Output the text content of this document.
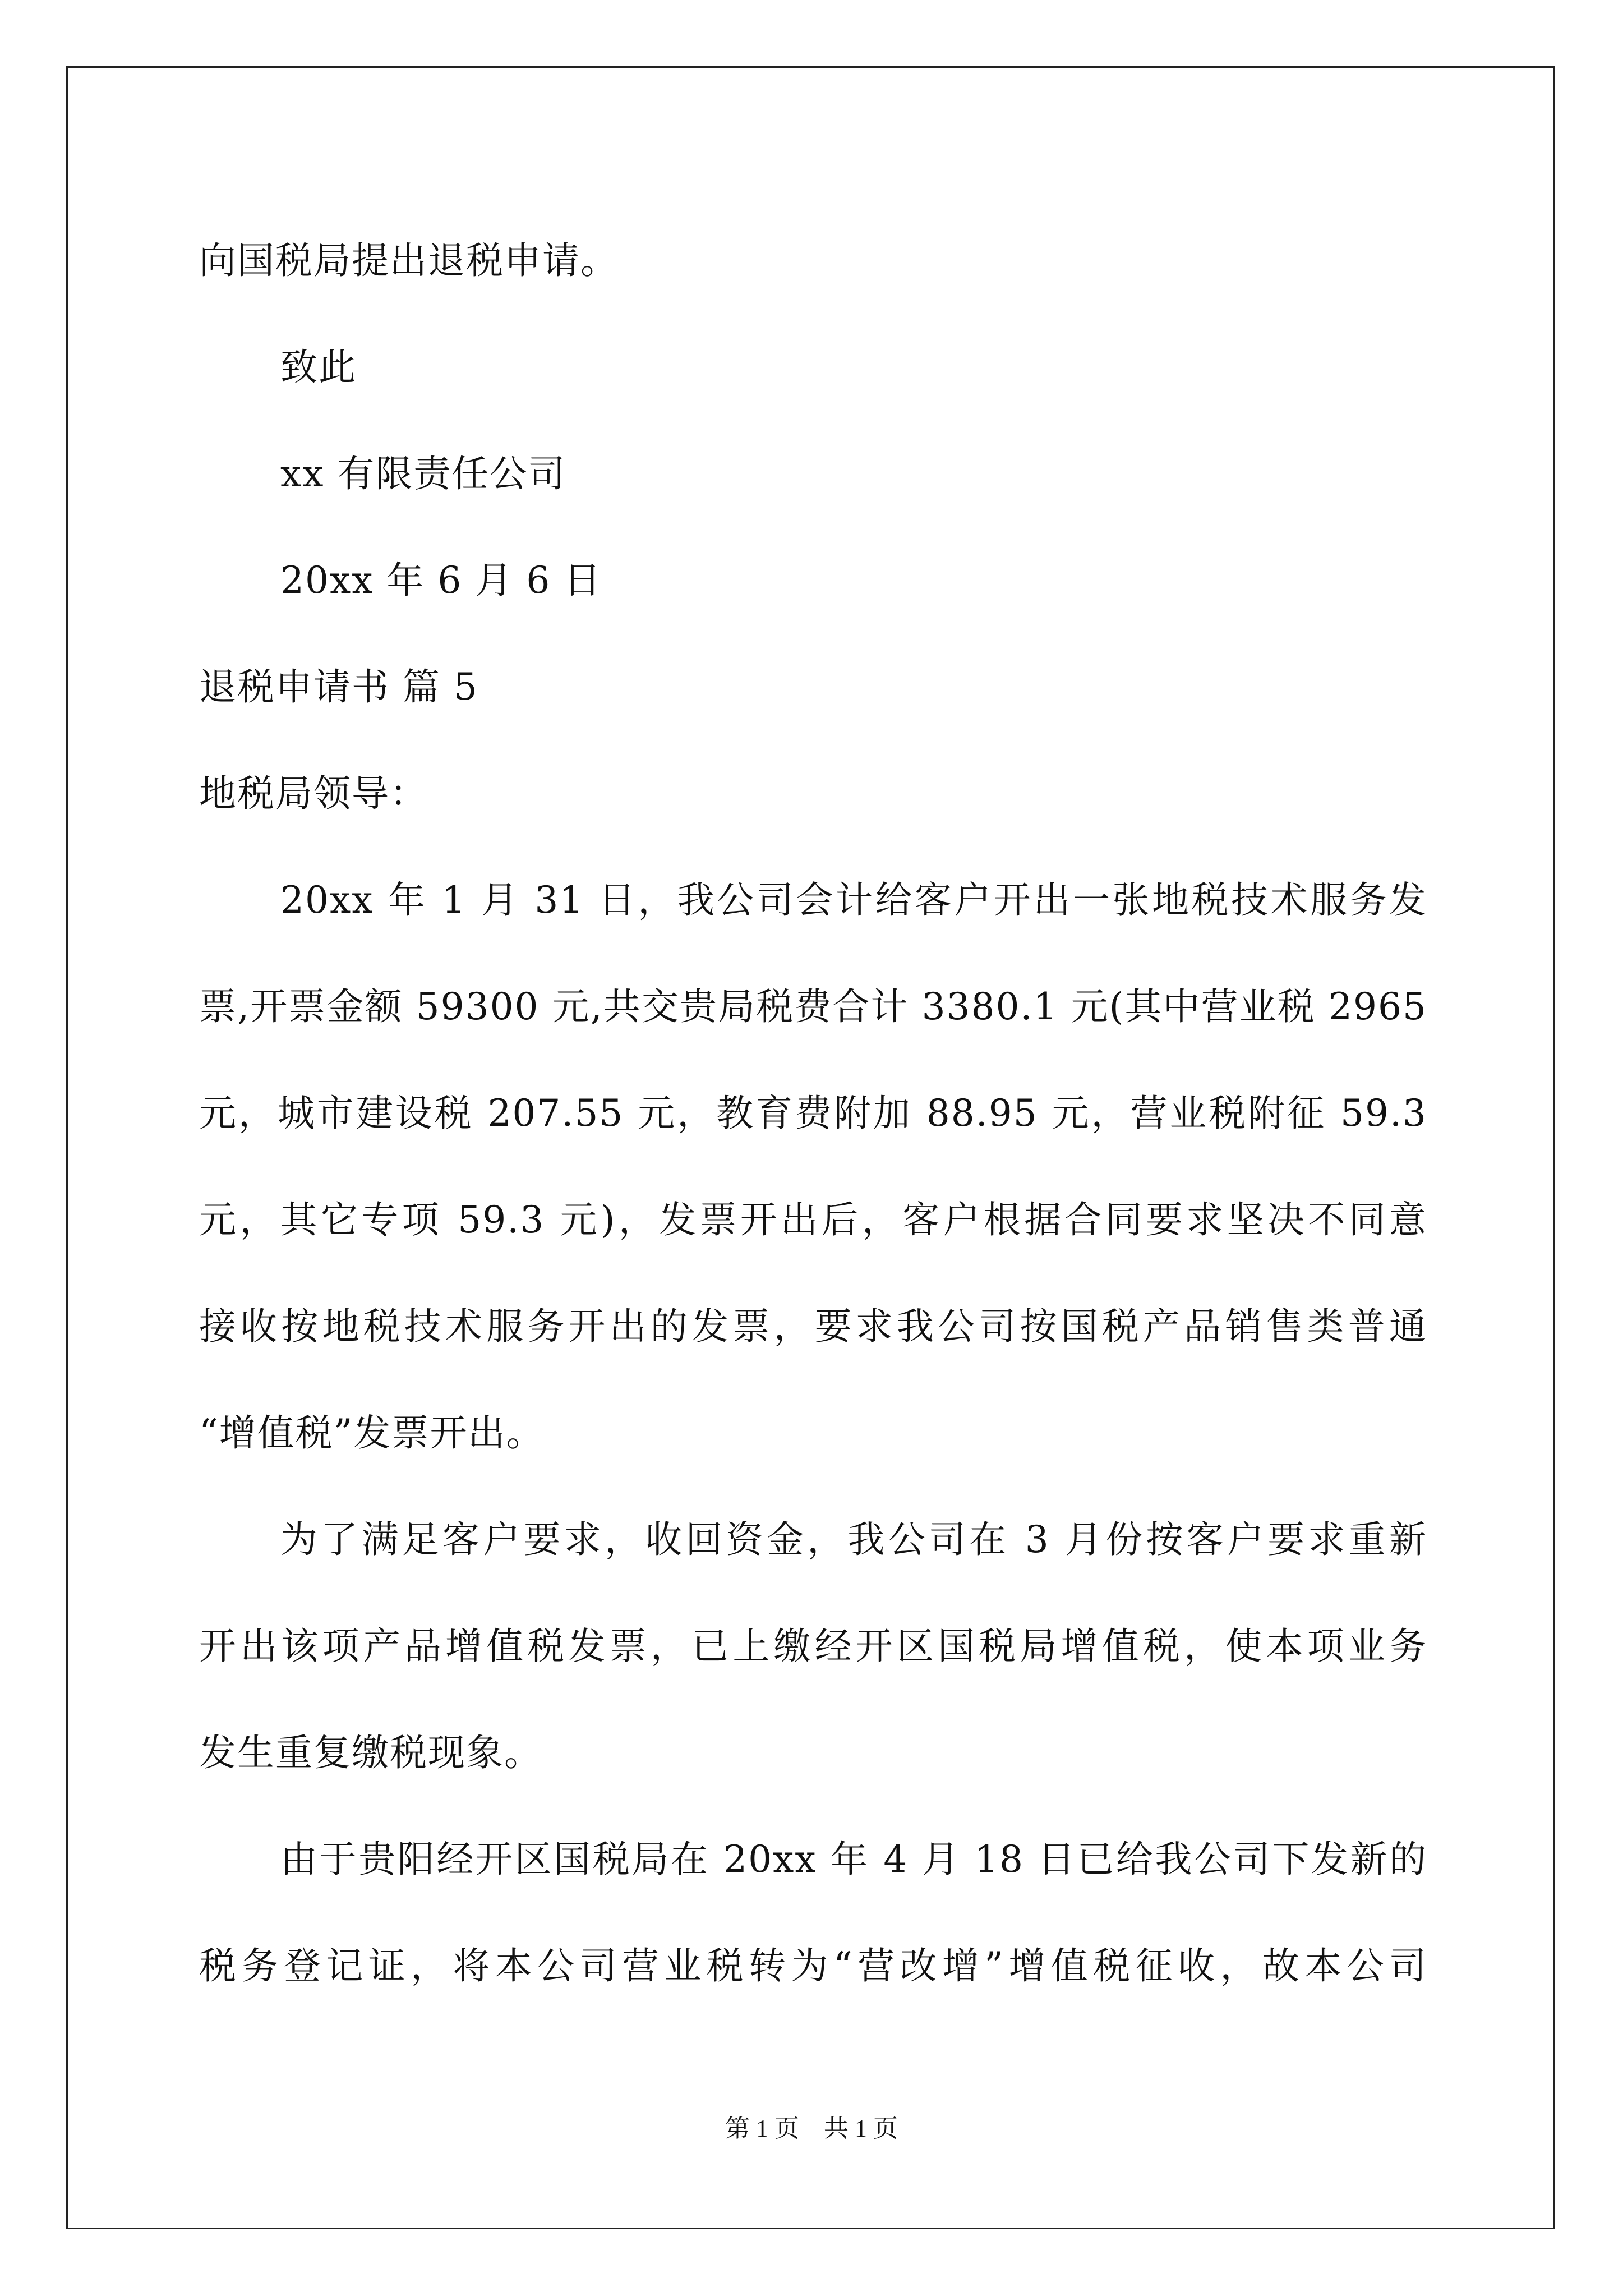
向国税局提出退税申请。
致此
xx 有限责任公司
20xx 年 6 月 6 日
退税申请书 篇 5
地税局领导：
20xx 年 1 月 31 日，我公司会计给客户开出一张地税技术服务发
票,开票金额 59300 元,共交贵局税费合计 3380.1 元(其中营业税 2965
元，城市建设税 207.55 元，教育费附加 88.95 元，营业税附征 59.3
元，其它专项 59.3 元)，发票开出后，客户根据合同要求坚决不同意
接收按地税技术服务开出的发票，要求我公司按国税产品销售类普通
“增值税”发票开出。
为了满足客户要求，收回资金，我公司在 3 月份按客户要求重新
开出该项产品增值税发票，已上缴经开区国税局增值税，使本项业务
发生重复缴税现象。
由于贵阳经开区国税局在 20xx 年 4 月 18 日已给我公司下发新的
税务登记证，将本公司营业税转为“营改增”增值税征收，故本公司
第 1 页　共 1 页
